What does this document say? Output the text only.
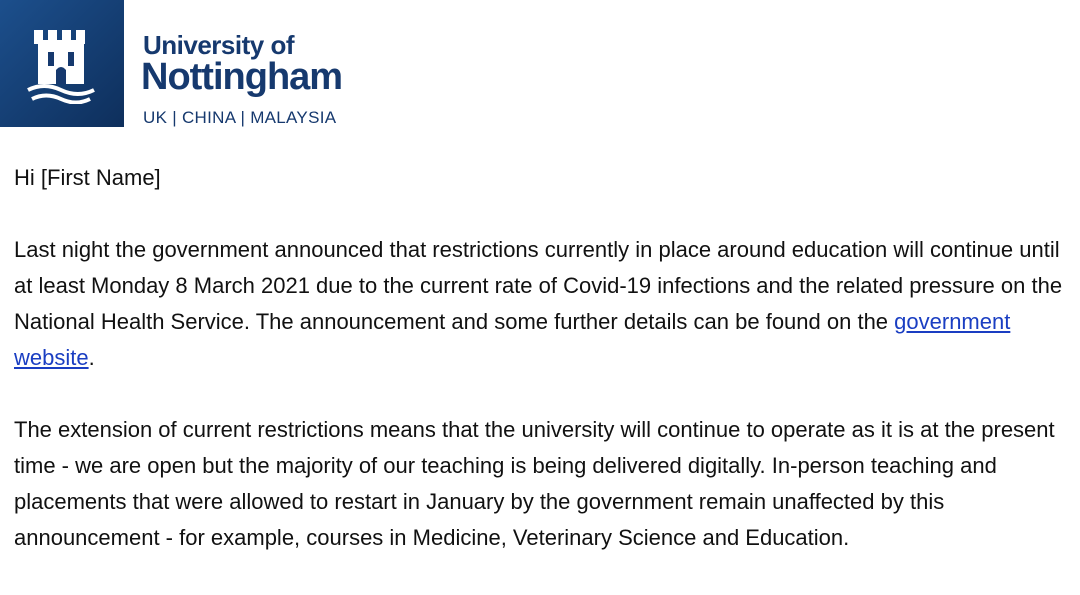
University of
Nottingham
UK | CHINA | MALAYSIA

Hi [First Name]

Last night the government announced that restrictions currently in place around education will continue until at least Monday 8 March 2021 due to the current rate of Covid-19 infections and the related pressure on the National Health Service. The announcement and some further details can be found on the government website.

The extension of current restrictions means that the university will continue to operate as it is at the present time - we are open but the majority of our teaching is being delivered digitally. In-person teaching and placements that were allowed to restart in January by the government remain unaffected by this announcement - for example, courses in Medicine, Veterinary Science and Education.
